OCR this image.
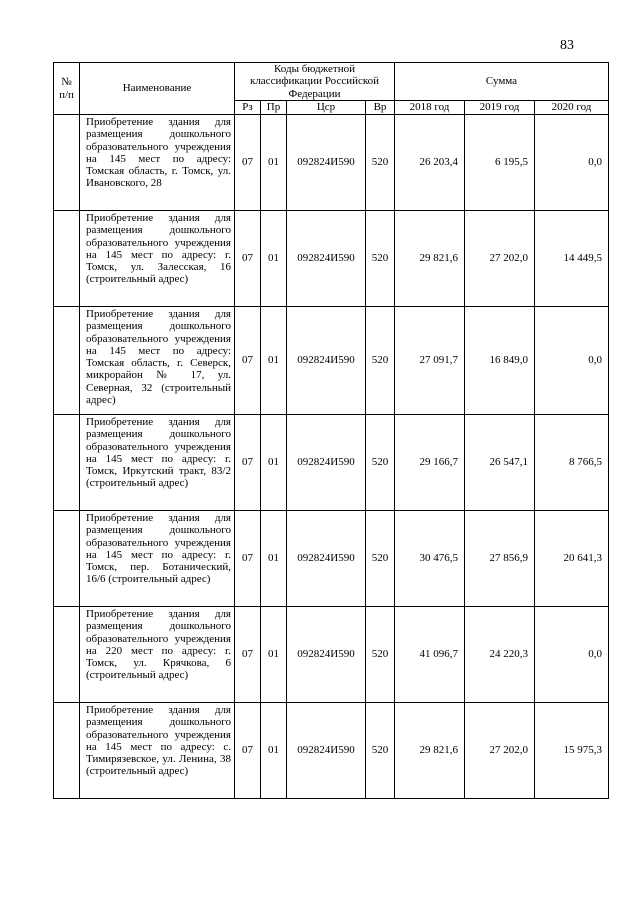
83
№ п/п	Наименование	Коды бюджетной классификации Российской Федерации				Сумма		
		Рз	Пр	Цср	Вр	2018 год	2019 год	2020 год
	Приобретение здания для размещения дошкольного образовательного учреждения на 145 мест по адресу: Томская область, г. Томск, ул. Ивановского, 28	07	01	092824И590	520	26 203,4	6 195,5	0,0
	Приобретение здания для размещения дошкольного образовательного учреждения на 145 мест по адресу: г. Томск, ул. Залесская, 16 (строительный адрес)	07	01	092824И590	520	29 821,6	27 202,0	14 449,5
	Приобретение здания для размещения дошкольного образовательного учреждения на 145 мест по адресу: Томская область, г. Северск, микрорайон № 17, ул. Северная, 32 (строительный адрес)	07	01	092824И590	520	27 091,7	16 849,0	0,0
	Приобретение здания для размещения дошкольного образовательного учреждения на 145 мест по адресу: г. Томск, Иркутский тракт, 83/2 (строительный адрес)	07	01	092824И590	520	29 166,7	26 547,1	8 766,5
	Приобретение здания для размещения дошкольного образовательного учреждения на 145 мест по адресу: г. Томск, пер. Ботанический, 16/6 (строительный адрес)	07	01	092824И590	520	30 476,5	27 856,9	20 641,3
	Приобретение здания для размещения дошкольного образовательного учреждения на 220 мест по адресу: г. Томск, ул. Крячкова, 6 (строительный адрес)	07	01	092824И590	520	41 096,7	24 220,3	0,0
	Приобретение здания для размещения дошкольного образовательного учреждения на 145 мест по адресу: с. Тимирязевское, ул. Ленина, 38 (строительный адрес)	07	01	092824И590	520	29 821,6	27 202,0	15 975,3
